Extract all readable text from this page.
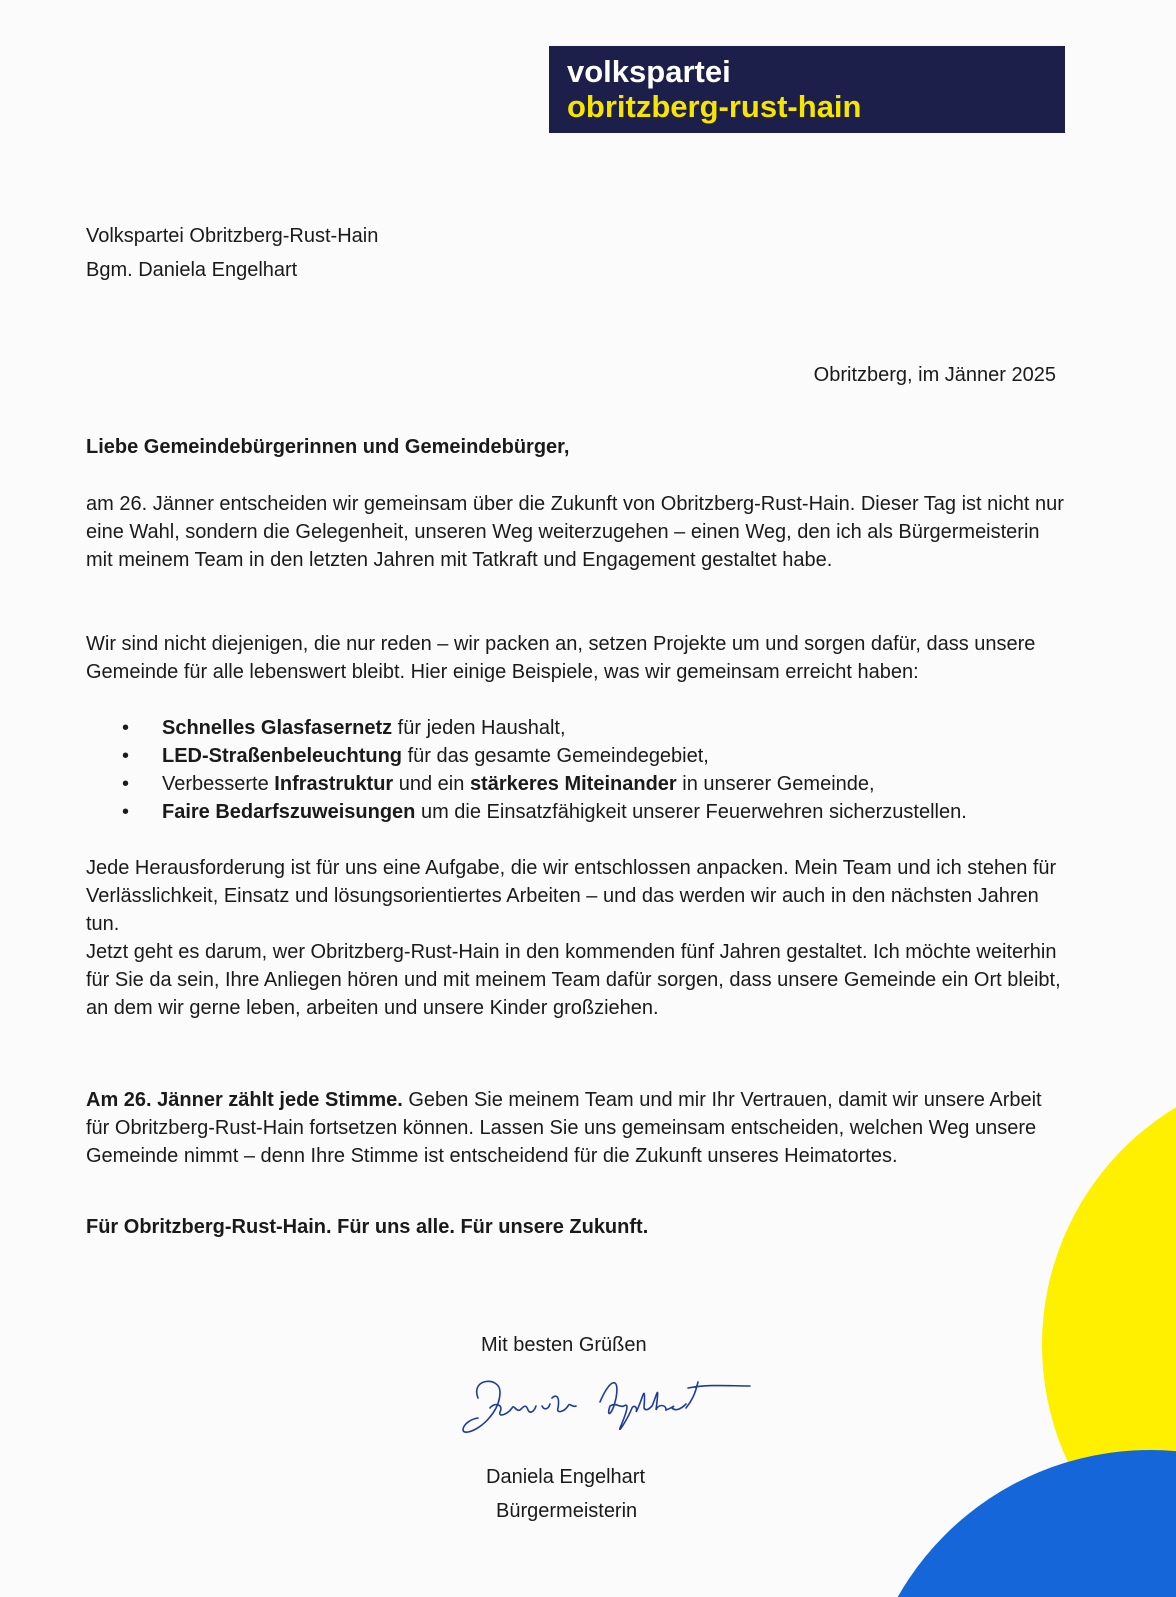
volkspartei
obritzberg-rust-hain
Volkspartei Obritzberg-Rust-Hain
Bgm. Daniela Engelhart
Obritzberg, im Jänner 2025
Liebe Gemeindebürgerinnen und Gemeindebürger,
am 26. Jänner entscheiden wir gemeinsam über die Zukunft von Obritzberg-Rust-Hain. Dieser Tag ist nicht nur eine Wahl, sondern die Gelegenheit, unseren Weg weiterzugehen – einen Weg, den ich als Bürgermeisterin mit meinem Team in den letzten Jahren mit Tatkraft und Engagement gestaltet habe.
Wir sind nicht diejenigen, die nur reden – wir packen an, setzen Projekte um und sorgen dafür, dass unsere Gemeinde für alle lebenswert bleibt. Hier einige Beispiele, was wir gemeinsam erreicht haben:
• Schnelles Glasfasernetz für jeden Haushalt,
• LED-Straßenbeleuchtung für das gesamte Gemeindegebiet,
• Verbesserte Infrastruktur und ein stärkeres Miteinander in unserer Gemeinde,
• Faire Bedarfszuweisungen um die Einsatzfähigkeit unserer Feuerwehren sicherzustellen.
Jede Herausforderung ist für uns eine Aufgabe, die wir entschlossen anpacken. Mein Team und ich stehen für Verlässlichkeit, Einsatz und lösungsorientiertes Arbeiten – und das werden wir auch in den nächsten Jahren tun.
Jetzt geht es darum, wer Obritzberg-Rust-Hain in den kommenden fünf Jahren gestaltet. Ich möchte weiterhin für Sie da sein, Ihre Anliegen hören und mit meinem Team dafür sorgen, dass unsere Gemeinde ein Ort bleibt, an dem wir gerne leben, arbeiten und unsere Kinder großziehen.
Am 26. Jänner zählt jede Stimme. Geben Sie meinem Team und mir Ihr Vertrauen, damit wir unsere Arbeit für Obritzberg-Rust-Hain fortsetzen können. Lassen Sie uns gemeinsam entscheiden, welchen Weg unsere Gemeinde nimmt – denn Ihre Stimme ist entscheidend für die Zukunft unseres Heimatortes.
Für Obritzberg-Rust-Hain. Für uns alle. Für unsere Zukunft.
Mit besten Grüßen
Daniela Engelhart
Bürgermeisterin
